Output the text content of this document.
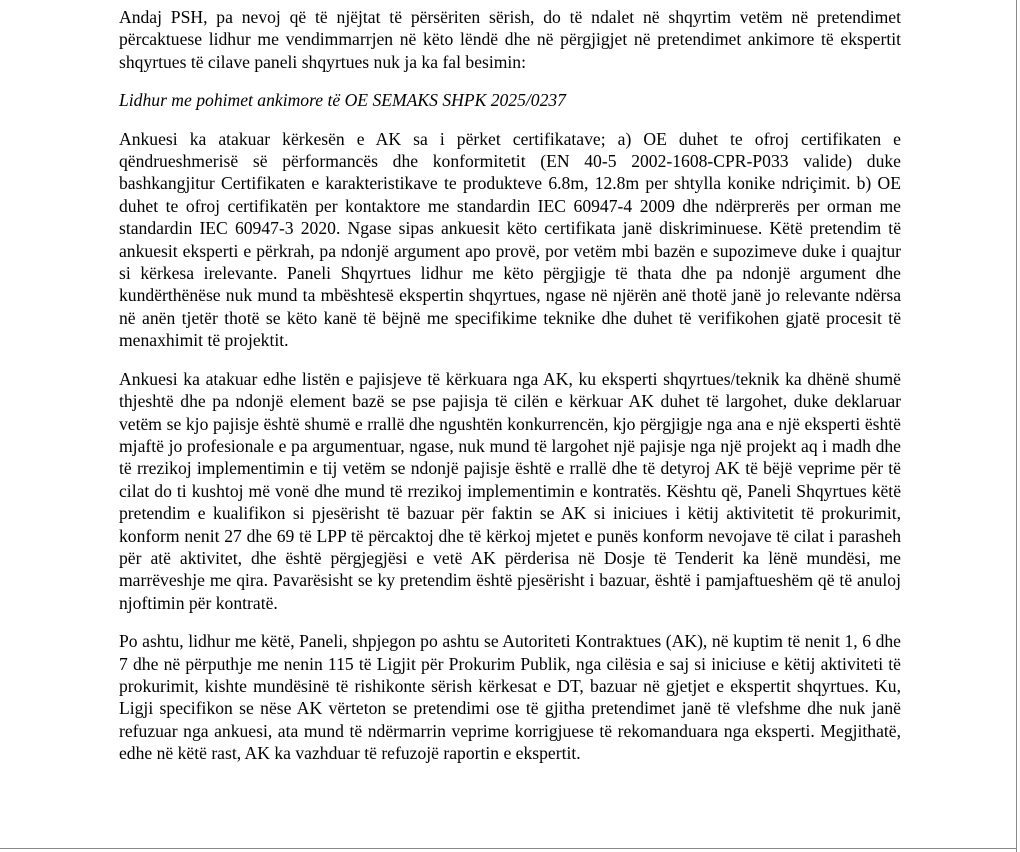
Andaj PSH, pa nevoj që të njëjtat të përsëriten sërish, do të ndalet në shqyrtim vetëm në pretendimet përcaktuese lidhur me vendimmarrjen në këto lëndë dhe në përgjigjet në pretendimet ankimore të ekspertit shqyrtues të cilave paneli shqyrtues nuk ja ka fal besimin:

Lidhur me pohimet ankimore të OE SEMAKS SHPK 2025/0237

Ankuesi ka atakuar kërkesën e AK sa i përket certifikatave; a) OE duhet te ofroj certifikaten e qëndrueshmerisë së përformancës dhe konformitetit (EN 40-5 2002-1608-CPR-P033 valide) duke bashkangjitur Certifikaten e karakteristikave te produkteve 6.8m, 12.8m per shtylla konike ndriçimit. b) OE duhet te ofroj certifikatën per kontaktore me standardin IEC 60947-4 2009 dhe ndërprerës per orman me standardin IEC 60947-3 2020. Ngase sipas ankuesit këto certifikata janë diskriminuese. Këtë pretendim të ankuesit eksperti e përkrah, pa ndonjë argument apo provë, por vetëm mbi bazën e supozimeve duke i quajtur si kërkesa irelevante. Paneli Shqyrtues lidhur me këto përgjigje të thata dhe pa ndonjë argument dhe kundërthënëse nuk mund ta mbështesë ekspertin shqyrtues, ngase në njërën anë thotë janë jo relevante ndërsa në anën tjetër thotë se këto kanë të bëjnë me specifikime teknike dhe duhet të verifikohen gjatë procesit të menaxhimit të projektit.

Ankuesi ka atakuar edhe listën e pajisjeve të kërkuara nga AK, ku eksperti shqyrtues/teknik ka dhënë shumë thjeshtë dhe pa ndonjë element bazë se pse pajisja të cilën e kërkuar AK duhet të largohet, duke deklaruar vetëm se kjo pajisje është shumë e rrallë dhe ngushtën konkurrencën, kjo përgjigje nga ana e një eksperti është mjaftë jo profesionale e pa argumentuar, ngase, nuk mund të largohet një pajisje nga një projekt aq i madh dhe të rrezikoj implementimin e tij vetëm se ndonjë pajisje është e rrallë dhe të detyroj AK të bëjë veprime për të cilat do ti kushtoj më vonë dhe mund të rrezikoj implementimin e kontratës. Kështu që, Paneli Shqyrtues këtë pretendim e kualifikon si pjesërisht të bazuar për faktin se AK si iniciues i këtij aktivitetit të prokurimit, konform nenit 27 dhe 69 të LPP të përcaktoj dhe të kërkoj mjetet e punës konform nevojave të cilat i parasheh për atë aktivitet, dhe është përgjegjësi e vetë AK përderisa në Dosje të Tenderit ka lënë mundësi, me marrëveshje me qira. Pavarësisht se ky pretendim është pjesërisht i bazuar, është i pamjaftueshëm që të anuloj njoftimin për kontratë.

Po ashtu, lidhur me këtë, Paneli, shpjegon po ashtu se Autoriteti Kontraktues (AK), në kuptim të nenit 1, 6 dhe 7 dhe në përputhje me nenin 115 të Ligjit për Prokurim Publik, nga cilësia e saj si iniciuse e këtij aktiviteti të prokurimit, kishte mundësinë të rishikonte sërish kërkesat e DT, bazuar në gjetjet e ekspertit shqyrtues. Ku, Ligji specifikon se nëse AK vërteton se pretendimi ose të gjitha pretendimet janë të vlefshme dhe nuk janë refuzuar nga ankuesi, ata mund të ndërmarrin veprime korrigjuese të rekomanduara nga eksperti. Megjithatë, edhe në këtë rast, AK ka vazhduar të refuzojë raportin e ekspertit.
